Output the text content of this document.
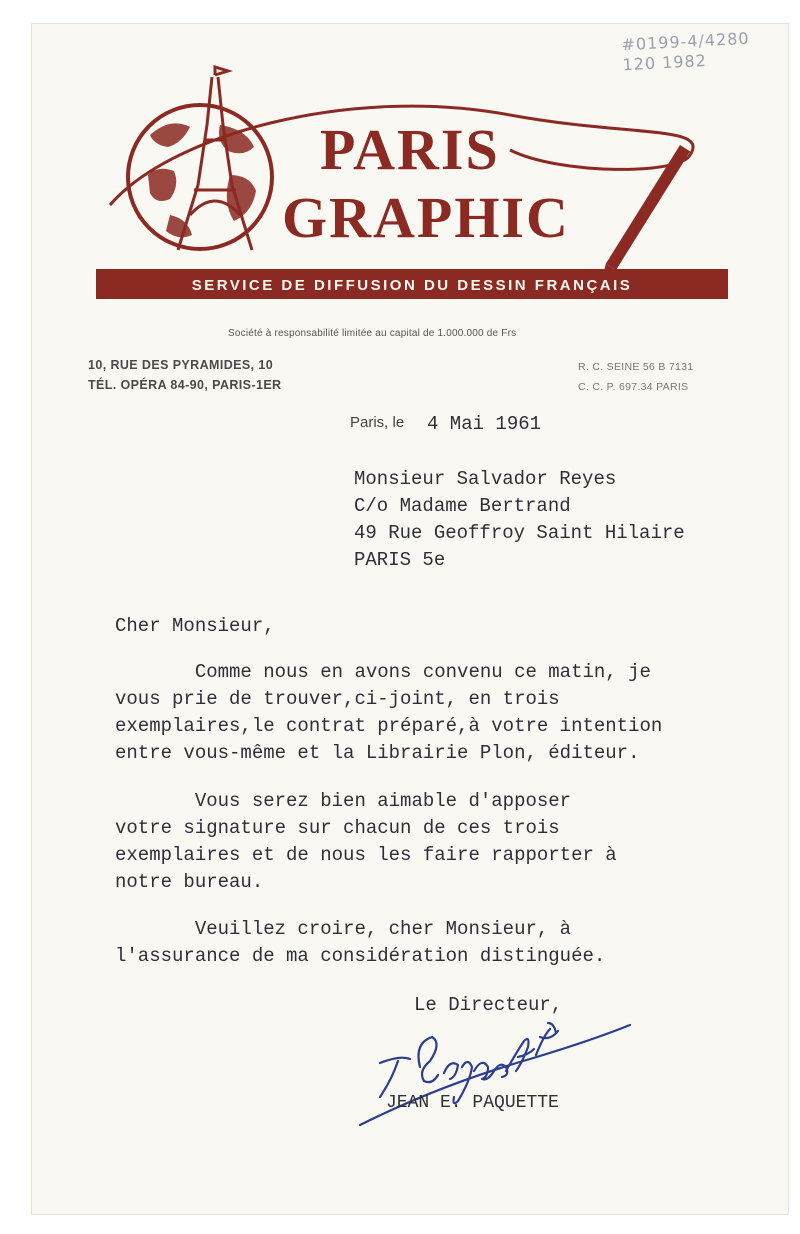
#0199-4/4280
120 1982
PARIS
GRAPHIC
SERVICE DE DIFFUSION DU DESSIN FRANÇAIS
Société à responsabilité limitée au capital de 1.000.000 de Frs
10, RUE DES PYRAMIDES, 10
TÉL. OPÉRA 84-90, PARIS-1ER
R. C. SEINE 56 B 7131
C. C. P. 697.34 PARIS
Paris, le 4 Mai 1961
Monsieur Salvador Reyes
C/o Madame Bertrand
49 Rue Geoffroy Saint Hilaire
PARIS 5e
Cher Monsieur,
Comme nous en avons convenu ce matin, je
vous prie de trouver,ci-joint, en trois
exemplaires,le contrat préparé,à votre intention
entre vous-même et la Librairie Plon, éditeur.
Vous serez bien aimable d'apposer
votre signature sur chacun de ces trois
exemplaires et de nous les faire rapporter à
notre bureau.
Veuillez croire, cher Monsieur, à
l'assurance de ma considération distinguée.
Le Directeur,
JEAN E. PAQUETTE
